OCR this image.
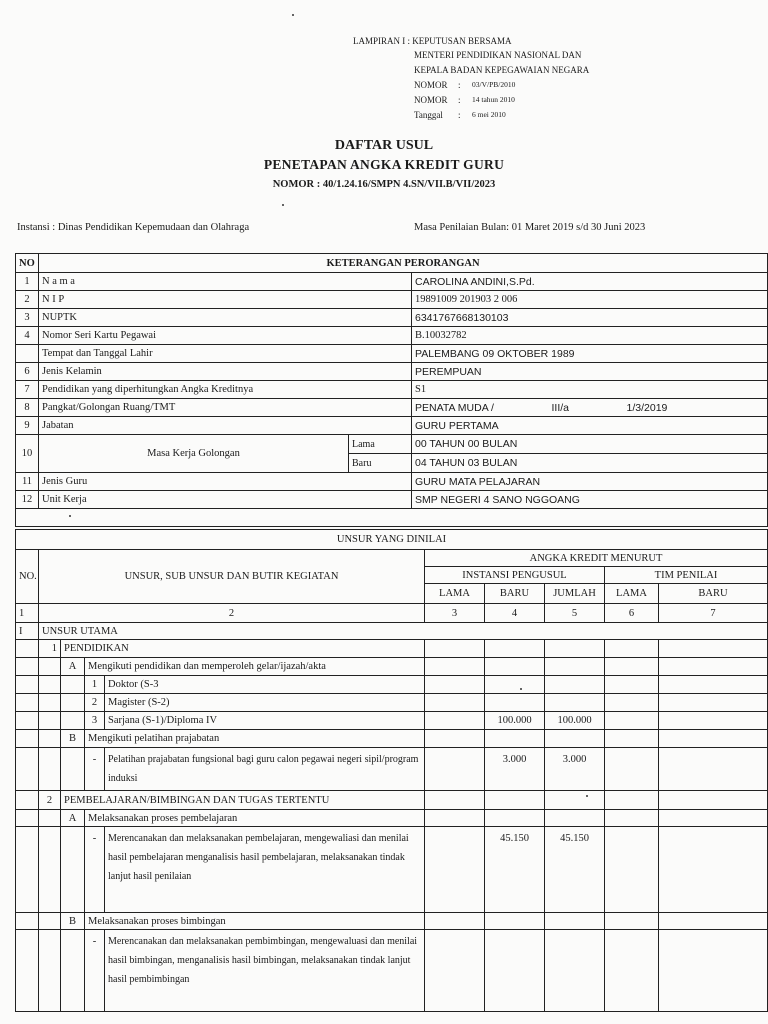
LAMPIRAN I : KEPUTUSAN BERSAMA
MENTERI PENDIDIKAN NASIONAL DAN
KEPALA BADAN KEPEGAWAIAN NEGARA
NOMOR	: 03/V/PB/2010
NOMOR	: 14 tahun 2010
Tanggal	: 6 mei 2010
DAFTAR USUL
PENETAPAN ANGKA KREDIT GURU
NOMOR : 40/1.24.16/SMPN 4.SN/VII.B/VII/2023
Instansi : Dinas Pendidikan Kepemudaan dan Olahraga	Masa Penilaian Bulan: 01 Maret 2019 s/d 30 Juni 2023
NO	KETERANGAN PERORANGAN		
1	N a m a		CAROLINA ANDINI,S.Pd.
2	N I P		19891009 201903 2 006
3	NUPTK		6341767668130103
4	Nomor Seri Kartu Pegawai		B.10032782
	Tempat dan Tanggal Lahir		PALEMBANG 09 OKTOBER 1989
6	Jenis Kelamin		PEREMPUAN
7	Pendidikan yang diperhitungkan Angka Kreditnya		S1
8	Pangkat/Golongan Ruang/TMT		PENATA MUDA / III/a 1/3/2019

9	Jabatan		GURU PERTAMA
10	Masa Kerja Golongan	Lama	00 TAHUN 00 BULAN
		Baru	04 TAHUN 03 BULAN
11	Jenis Guru		GURU MATA PELAJARAN
12	Unit Kerja		SMP NEGERI 4 SANO NGGOANG

UNSUR YANG DINILAI									
NO.	UNSUR, SUB UNSUR DAN BUTIR KEGIATAN				ANGKA KREDIT MENURUT				
					INSTANSI PENGUSUL			TIM PENILAI	
					LAMA	BARU	JUMLAH	LAMA	BARU
1	2				3	4	5	6	7
I	UNSUR UTAMA								
	1	PENDIDIKAN							
		A	Mengikuti pendidikan dan memperoleh gelar/ijazah/akta						
			1	Doktor (S-3					
			2	Magister (S-2)					
			3	Sarjana (S-1)/Diploma IV		100.000	100.000		
		B	Mengikuti pelatihan prajabatan						
			-	Pelatihan prajabatan fungsional bagi guru calon pegawai negeri sipil/program induksi		3.000	3.000		
	2	PEMBELAJARAN/BIMBINGAN DAN TUGAS TERTENTU							
		A	Melaksanakan proses pembelajaran						
			-	Merencanakan dan melaksanakan pembelajaran, mengewaliasi dan menilai hasil pembelajaran menganalisis hasil pembelajaran, melaksanakan tindak lanjut hasil penilaian		45.150	45.150		
		B	Melaksanakan proses bimbingan						
			-	Merencanakan dan melaksanakan pembimbingan, mengewaluasi dan menilai hasil bimbingan, menganalisis hasil bimbingan, melaksanakan tindak lanjut hasil pembimbingan					
